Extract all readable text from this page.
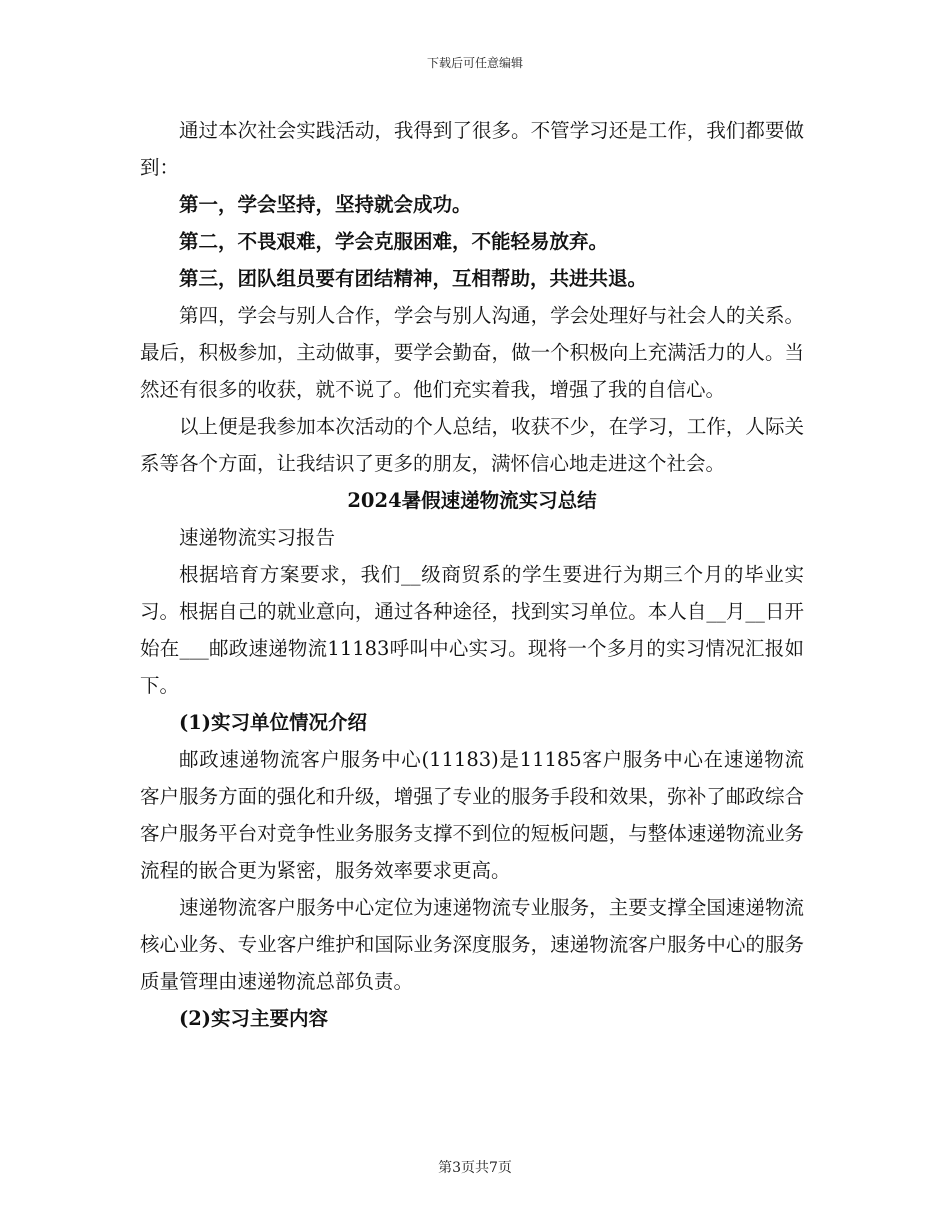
下载后可任意编辑

通过本次社会实践活动，我得到了很多。不管学习还是工作，我们都要做到：

第一，学会坚持，坚持就会成功。

第二，不畏艰难，学会克服困难，不能轻易放弃。

第三，团队组员要有团结精神，互相帮助，共进共退。

第四，学会与别人合作，学会与别人沟通，学会处理好与社会人的关系。最后，积极参加，主动做事，要学会勤奋，做一个积极向上充满活力的人。当然还有很多的收获，就不说了。他们充实着我，增强了我的自信心。

以上便是我参加本次活动的个人总结，收获不少，在学习，工作，人际关系等各个方面，让我结识了更多的朋友，满怀信心地走进这个社会。

2024暑假速递物流实习总结

速递物流实习报告

根据培育方案要求，我们__级商贸系的学生要进行为期三个月的毕业实习。根据自己的就业意向，通过各种途径，找到实习单位。本人自__月__日开始在___邮政速递物流11183呼叫中心实习。现将一个多月的实习情况汇报如下。

(1)实习单位情况介绍

邮政速递物流客户服务中心(11183)是11185客户服务中心在速递物流客户服务方面的强化和升级，增强了专业的服务手段和效果，弥补了邮政综合客户服务平台对竞争性业务服务支撑不到位的短板问题，与整体速递物流业务流程的嵌合更为紧密，服务效率要求更高。

速递物流客户服务中心定位为速递物流专业服务，主要支撑全国速递物流核心业务、专业客户维护和国际业务深度服务，速递物流客户服务中心的服务质量管理由速递物流总部负责。

(2)实习主要内容

第3页共7页
